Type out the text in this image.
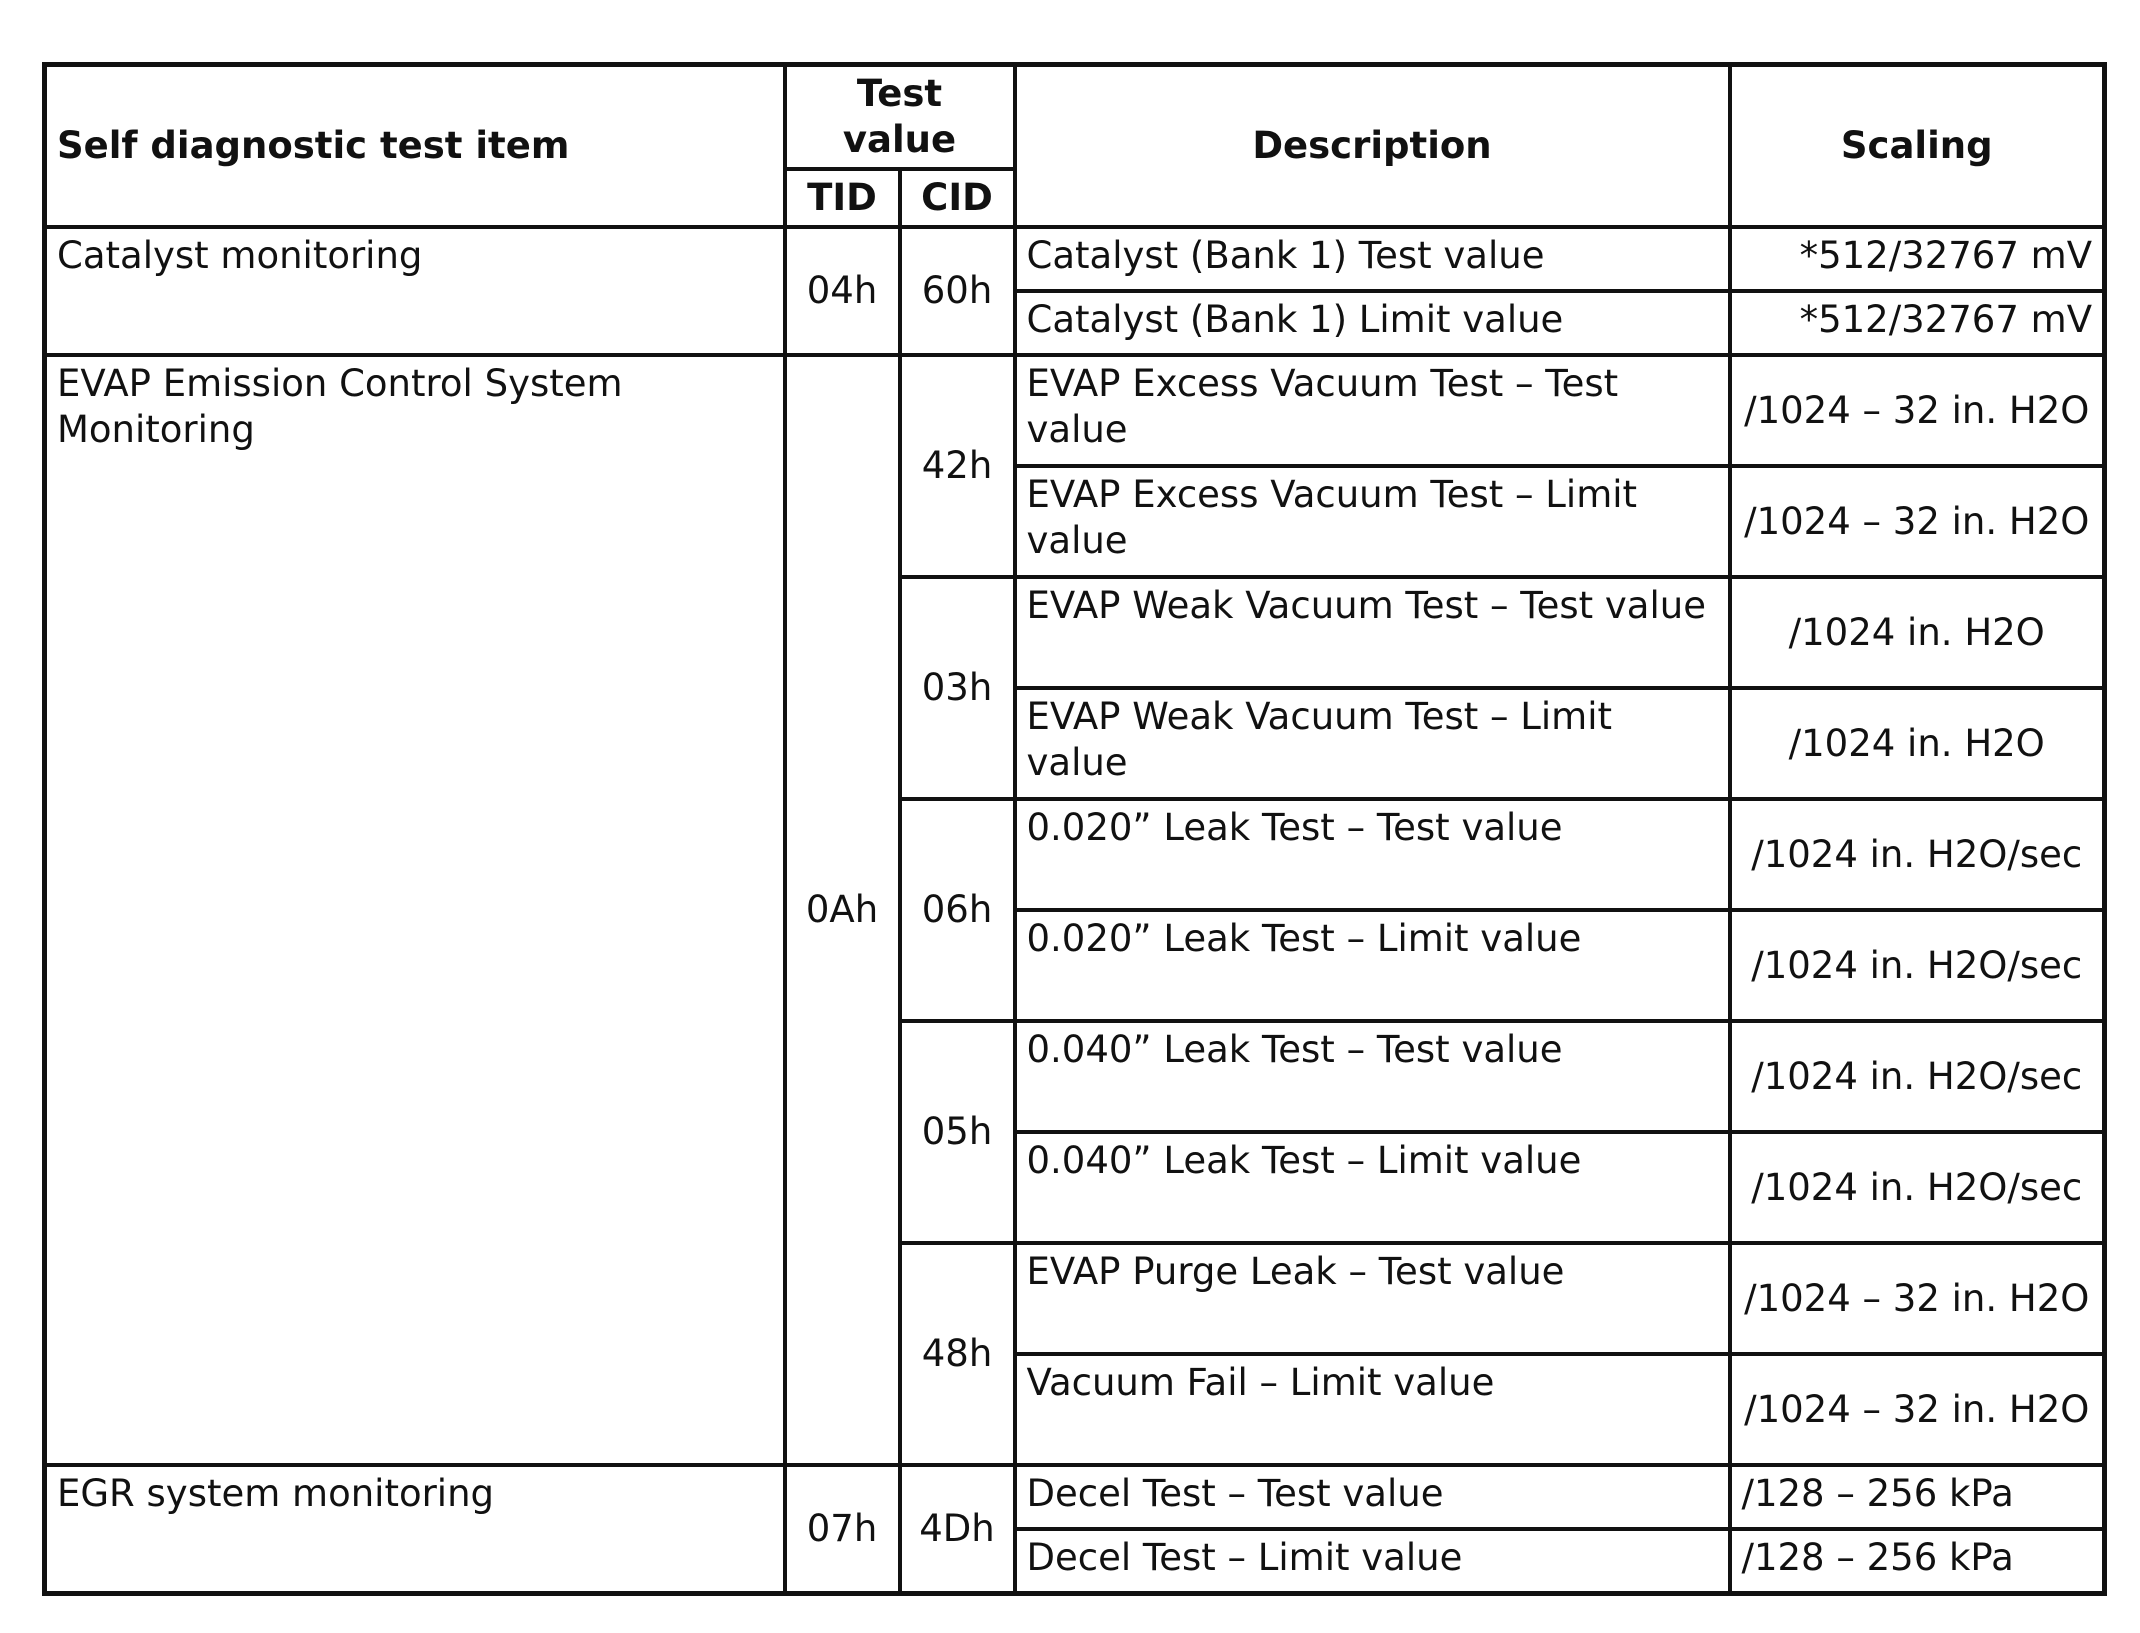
Self diagnostic test item	Test value		Description	Scaling
	TID	CID		
Catalyst monitoring	04h	60h	Catalyst (Bank 1) Test value	*512/32767 mV
			Catalyst (Bank 1) Limit value	*512/32767 mV
EVAP Emission Control System Monitoring	0Ah	42h	EVAP Excess Vacuum Test – Test value	/1024 – 32 in. H2O
			EVAP Excess Vacuum Test – Limit value	/1024 – 32 in. H2O
		03h	EVAP Weak Vacuum Test – Test value	/1024 in. H2O
			EVAP Weak Vacuum Test – Limit value	/1024 in. H2O
		06h	0.020” Leak Test – Test value	/1024 in. H2O/sec
			0.020” Leak Test – Limit value	/1024 in. H2O/sec
		05h	0.040” Leak Test – Test value	/1024 in. H2O/sec
			0.040” Leak Test – Limit value	/1024 in. H2O/sec
		48h	EVAP Purge Leak – Test value	/1024 – 32 in. H2O
			Vacuum Fail – Limit value	/1024 – 32 in. H2O
EGR system monitoring	07h	4Dh	Decel Test – Test value	/128 – 256 kPa
			Decel Test – Limit value	/128 – 256 kPa
